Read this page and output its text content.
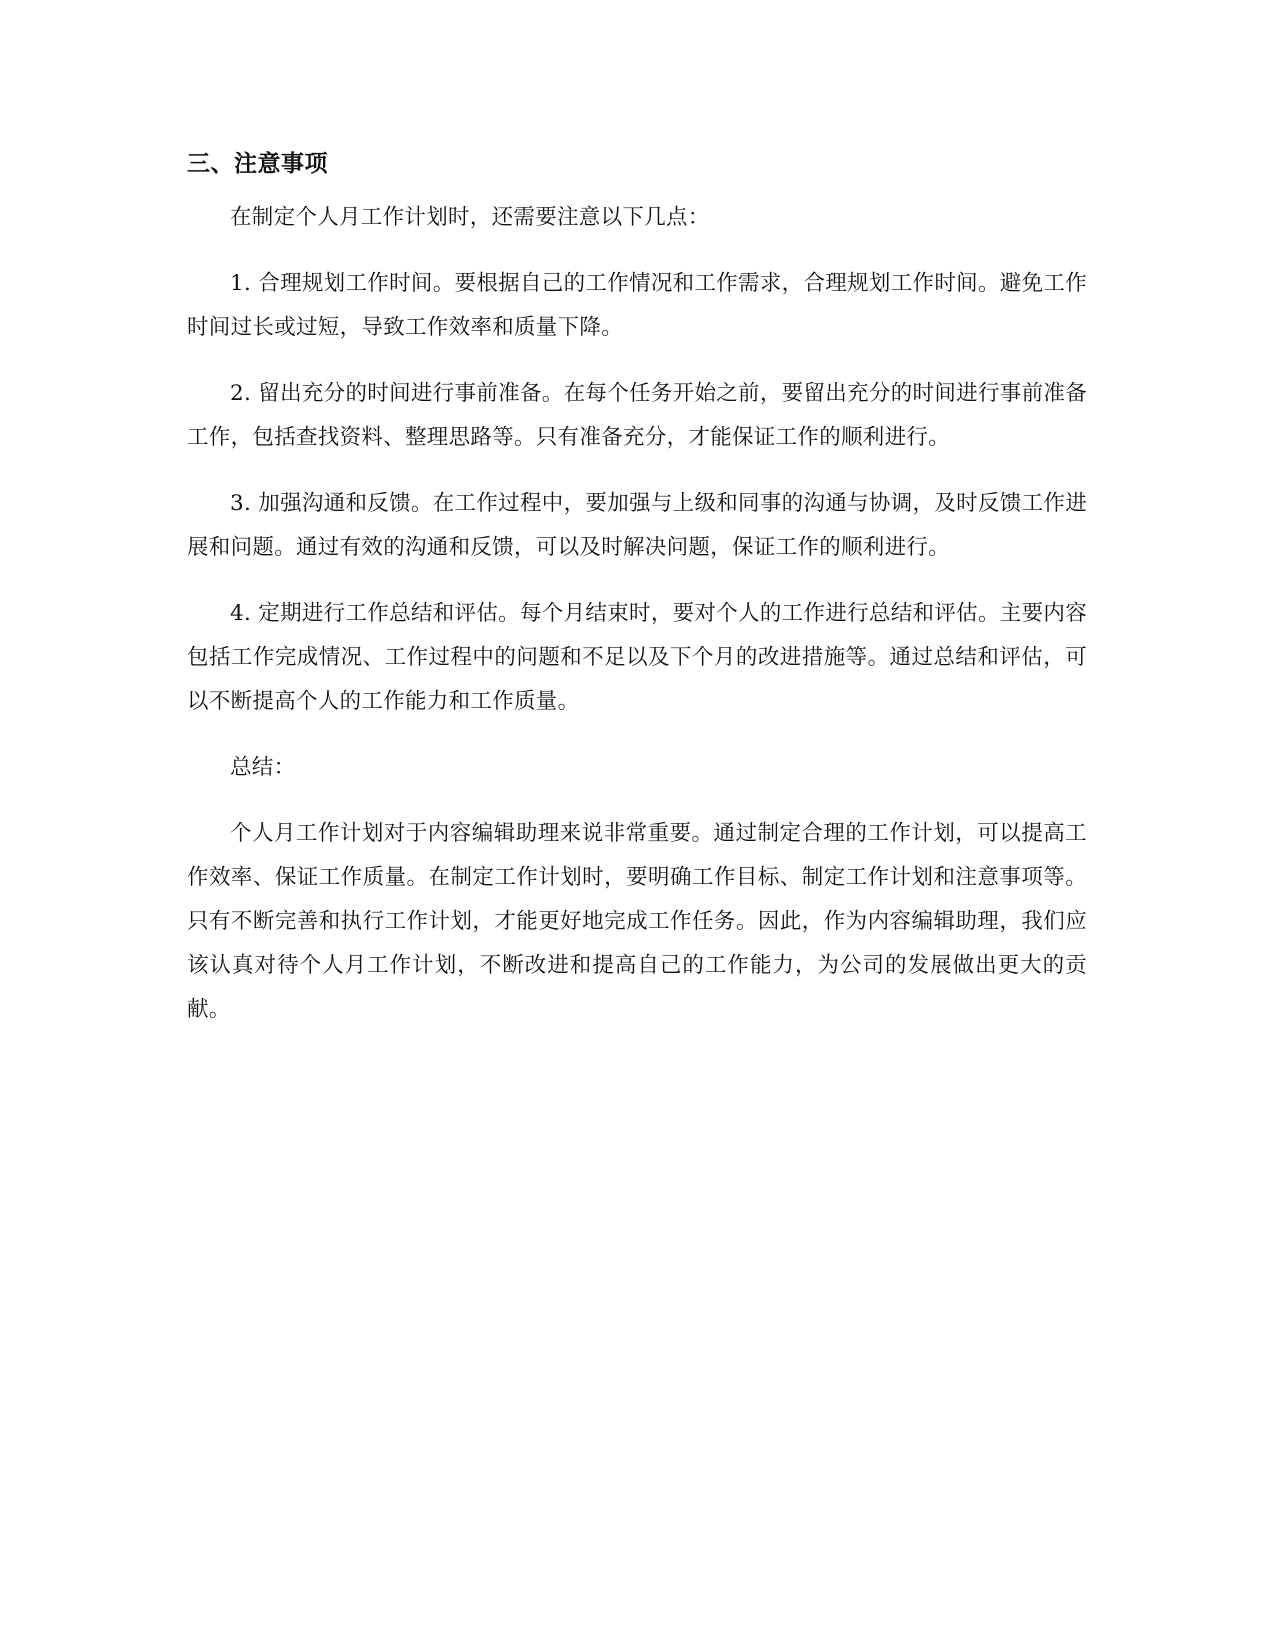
三、注意事项

在制定个人月工作计划时，还需要注意以下几点：

1. 合理规划工作时间。要根据自己的工作情况和工作需求，合理规划工作时间。避免工作时间过长或过短，导致工作效率和质量下降。

2. 留出充分的时间进行事前准备。在每个任务开始之前，要留出充分的时间进行事前准备工作，包括查找资料、整理思路等。只有准备充分，才能保证工作的顺利进行。

3. 加强沟通和反馈。在工作过程中，要加强与上级和同事的沟通与协调，及时反馈工作进展和问题。通过有效的沟通和反馈，可以及时解决问题，保证工作的顺利进行。

4. 定期进行工作总结和评估。每个月结束时，要对个人的工作进行总结和评估。主要内容包括工作完成情况、工作过程中的问题和不足以及下个月的改进措施等。通过总结和评估，可以不断提高个人的工作能力和工作质量。

总结：

个人月工作计划对于内容编辑助理来说非常重要。通过制定合理的工作计划，可以提高工作效率、保证工作质量。在制定工作计划时，要明确工作目标、制定工作计划和注意事项等。只有不断完善和执行工作计划，才能更好地完成工作任务。因此，作为内容编辑助理，我们应该认真对待个人月工作计划，不断改进和提高自己的工作能力，为公司的发展做出更大的贡献。
